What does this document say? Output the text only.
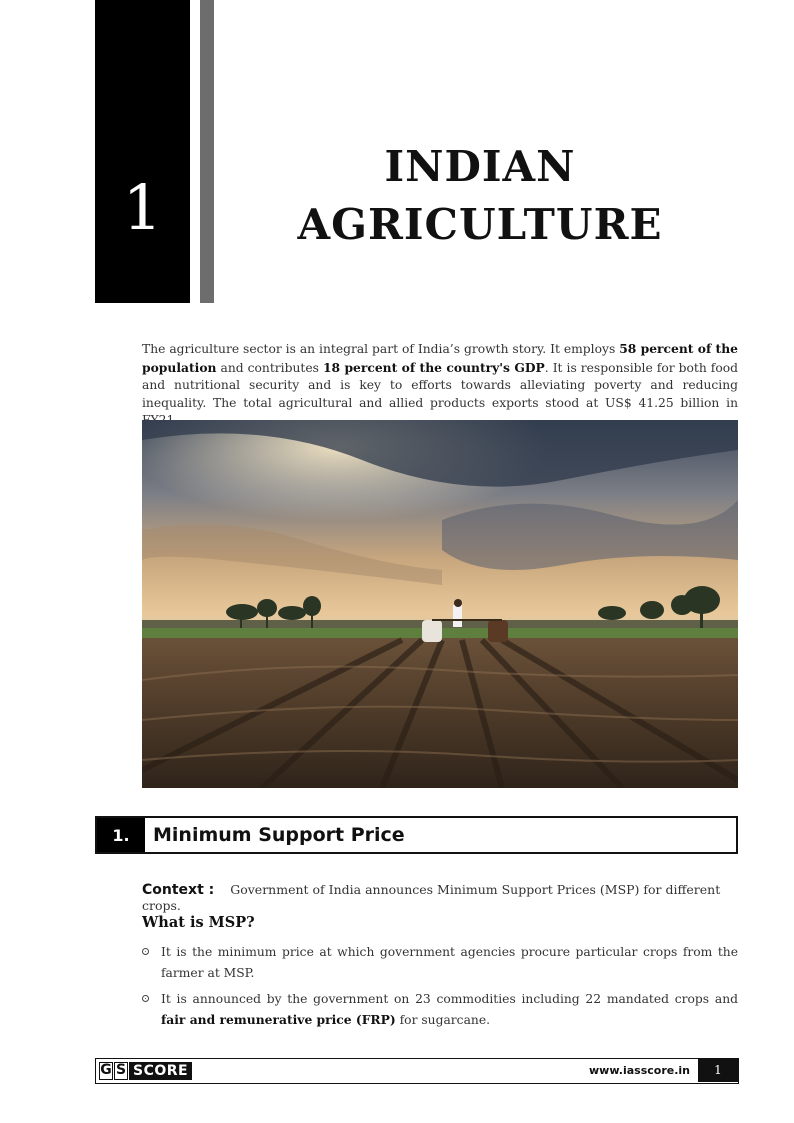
1
INDIAN
AGRICULTURE

The agriculture sector is an integral part of India’s growth story. It employs 58 percent of the population and contributes 18 percent of the country's GDP. It is responsible for both food and nutritional security and is key to efforts towards alleviating poverty and reducing inequality. The total agricultural and allied products exports stood at US$ 41.25 billion in

1.	Minimum Support Price
Context : Government of India announces Minimum Support Prices (MSP) for different crops.
What is MSP?
It is the minimum price at which government agencies procure particular crops from the farmer at MSP.
It is announced by the government on 23 commodities including 22 mandated crops and fair and remunerative price (FRP) for sugarcane.
G S SCORE	www.iasscore.in	1
